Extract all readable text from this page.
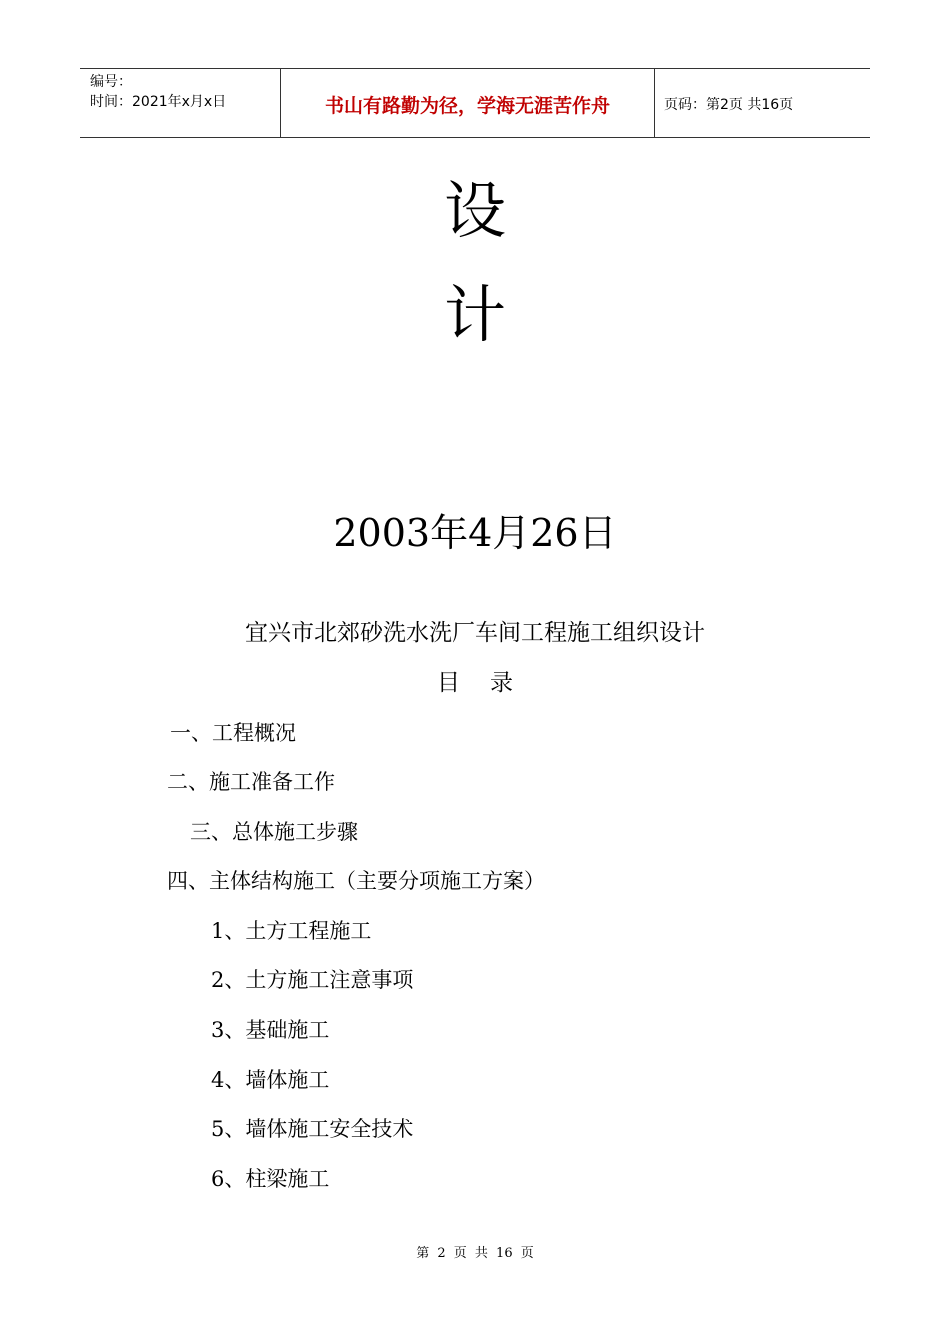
编号：
时间：2021年x月x日	书山有路勤为径，学海无涯苦作舟	页码：第2页 共16页
设
计
2003年4月26日
宜兴市北郊砂洗水洗厂车间工程施工组织设计
目录
一、工程概况
二、施工准备工作
三、总体施工步骤
四、主体结构施工（主要分项施工方案）
1、土方工程施工
2、土方施工注意事项
3、基础施工
4、墙体施工
5、墙体施工安全技术
6、柱梁施工
第 2 页 共 16 页
